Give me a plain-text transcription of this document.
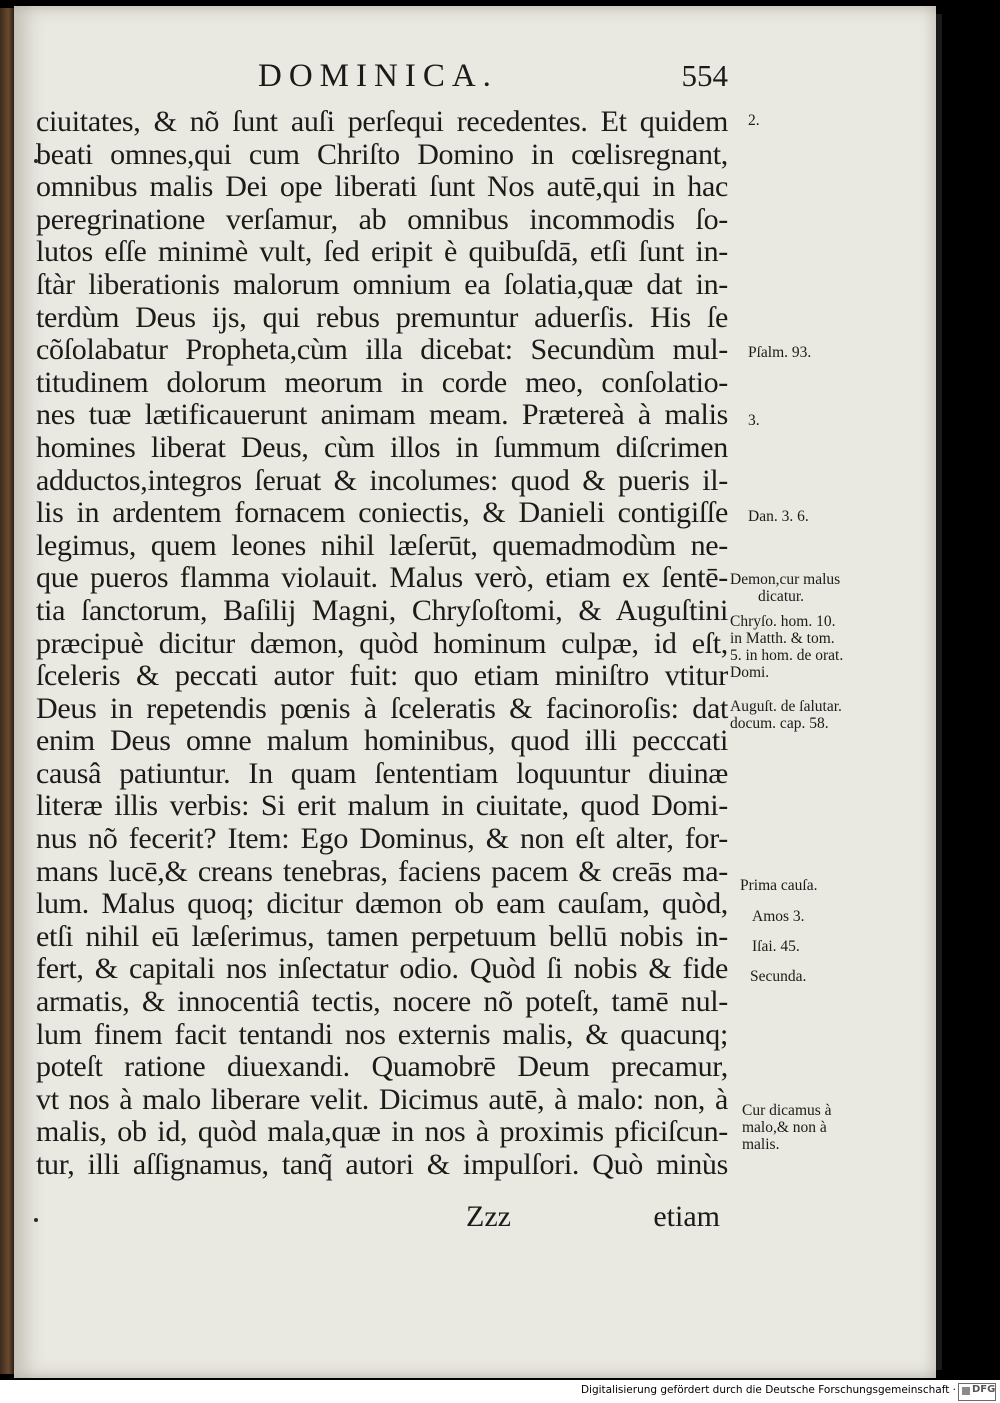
DOMINICA.	554
ciuitates, & nõ ſunt auſi perſequi recedentes. Et quidem
beati omnes,qui cum Chriſto Domino in cœlisregnant,
omnibus malis Dei ope liberati ſunt Nos autē,qui in hac
peregrinatione verſamur, ab omnibus incommodis ſo-
lutos eſſe minimè vult, ſed eripit è quibuſdā, etſi ſunt in-
ſtàr liberationis malorum omnium ea ſolatia,quæ dat in-
terdùm Deus ijs, qui rebus premuntur aduerſis. His ſe
cõſolabatur Propheta,cùm illa dicebat: Secundùm mul-
titudinem dolorum meorum in corde meo, conſolatio-
nes tuæ lætificauerunt animam meam. Prætereà à malis
homines liberat Deus, cùm illos in ſummum diſcrimen
adductos,integros ſeruat & incolumes: quod & pueris il-
lis in ardentem fornacem coniectis, & Danieli contigiſſe
legimus, quem leones nihil læſerūt, quemadmodùm ne-
que pueros flamma violauit. Malus verò, etiam ex ſentē-
tia ſanctorum, Baſilij Magni, Chryſoſtomi, & Auguſtini
præcipuè dicitur dæmon, quòd hominum culpæ, id eſt,
ſceleris & peccati autor fuit: quo etiam miniſtro vtitur
Deus in repetendis pœnis à ſceleratis & facinoroſis: dat
enim Deus omne malum hominibus, quod illi pecccati
causâ patiuntur. In quam ſententiam loquuntur diuinæ
literæ illis verbis: Si erit malum in ciuitate, quod Domi-
nus nõ fecerit? Item: Ego Dominus, & non eſt alter, for-
mans lucē,& creans tenebras, faciens pacem & creās ma-
lum. Malus quoq; dicitur dæmon ob eam cauſam, quòd,
etſi nihil eū læſerimus, tamen perpetuum bellū nobis in-
fert, & capitali nos inſectatur odio. Quòd ſi nobis & fide
armatis, & innocentiâ tectis, nocere nõ poteſt, tamē nul-
lum finem facit tentandi nos externis malis, & quacunq;
poteſt ratione diuexandi. Quamobrē Deum precamur,
vt nos à malo liberare velit. Dicimus autē, à malo: non, à
malis, ob id, quòd mala,quæ in nos à proximis pficiſcun-
tur, illi aſſignamus, tanq̃ autori & impulſori. Quò minùs
Zzz	etiam
2.
Pſalm. 93.
3.
Dan. 3. 6.
Demon,cur malus
dicatur.
Chryſo. hom. 10.
in Matth. & tom.
5. in hom. de orat.
Domi.
Auguſt. de ſalutar.
docum. cap. 58.
Prima cauſa.
Amos 3.
Iſai. 45.
Secunda.
Cur dicamus à
malo,& non à
malis.
Digitalisierung gefördert durch die Deutsche Forschungsgemeinschaft · DFG
